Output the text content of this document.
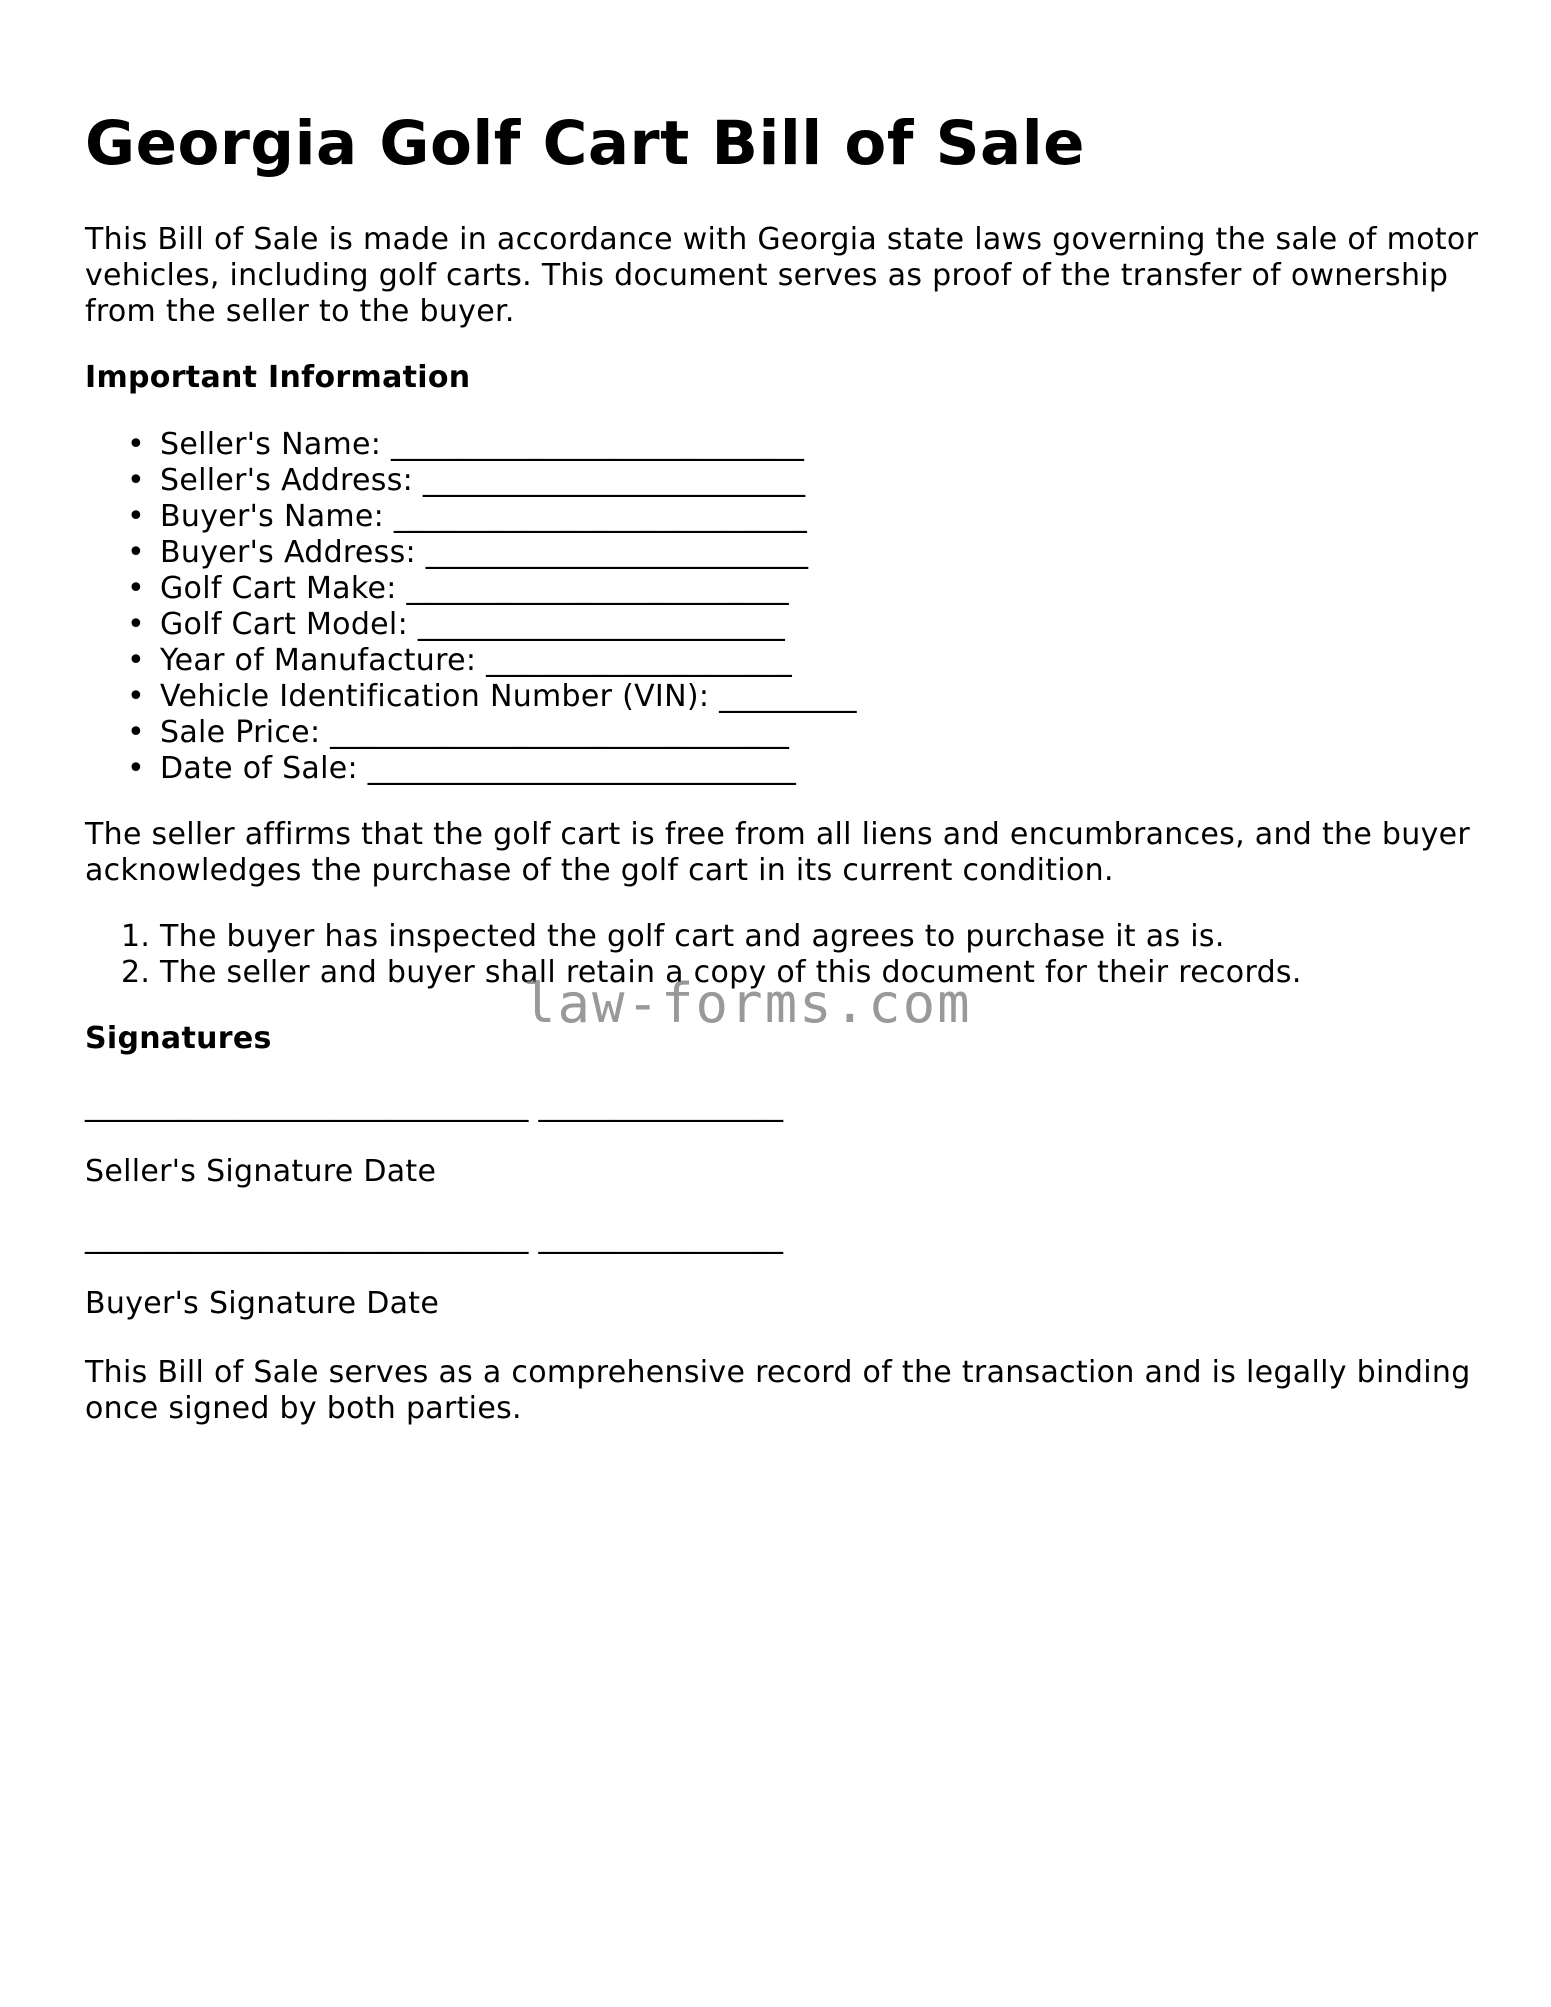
Georgia Golf Cart Bill of Sale

This Bill of Sale is made in accordance with Georgia state laws governing the sale of motor vehicles, including golf carts. This document serves as proof of the transfer of ownership from the seller to the buyer.

Important Information
• Seller's Name: ___________________________
• Seller's Address: _________________________
• Buyer's Name: ___________________________
• Buyer's Address: _________________________
• Golf Cart Make: _________________________
• Golf Cart Model: ________________________
• Year of Manufacture: ____________________
• Vehicle Identification Number (VIN): _________
• Sale Price: ______________________________
• Date of Sale: ____________________________

The seller affirms that the golf cart is free from all liens and encumbrances, and the buyer acknowledges the purchase of the golf cart in its current condition.

1. The buyer has inspected the golf cart and agrees to purchase it as is.
2. The seller and buyer shall retain a copy of this document for their records.
Signatures
_____________________________ ________________
Seller's Signature Date
_____________________________ ________________
Buyer's Signature Date

This Bill of Sale serves as a comprehensive record of the transaction and is legally binding once signed by both parties.

law-forms.com
